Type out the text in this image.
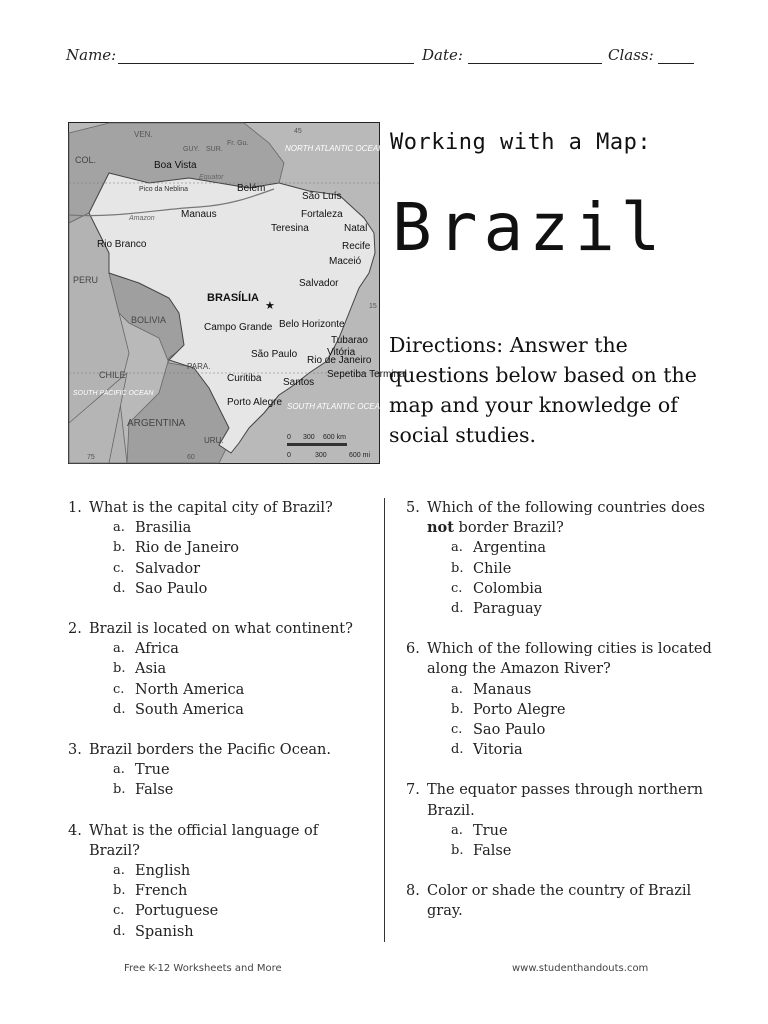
Name:	Date:	Class:
VEN.
GUY. SUR.
Fr. Gu.
COL.
PERU
BOLIVIA
CHILE
PARA.
ARGENTINA
URU.
NORTH ATLANTIC OCEAN
SOUTH PACIFIC OCEAN
SOUTH ATLANTIC OCEAN
Equator
Amazon
Pico da Neblina
Boa Vista
Belém
São Luís
Manaus	Fortaleza
Teresina	Natal
Recife
Maceió
Salvador
Rio Branco
BRASÍLIA
Campo Grande Belo Horizonte
Tubarao
Vitória
São Paulo
Rio de Janeiro
Curitiba Santos
Sepetiba Terminal
Porto Alegre
0 300 600 km
0	300	600 mi
45
15
75	60
★
Working with a Map:
Brazil
Directions: Answer the questions below based on the map and your knowledge of social studies.
1. What is the capital city of Brazil?
a. Brasilia
b. Rio de Janeiro
c. Salvador
d. Sao Paulo
2. Brazil is located on what continent?
a. Africa
b. Asia
c. North America
d. South America
3. Brazil borders the Pacific Ocean.
a. True
b. False
4. What is the official language of Brazil?
a. English
b. French
c. Portuguese
d. Spanish
5. Which of the following countries does not border Brazil?
a. Argentina
b. Chile
c. Colombia
d. Paraguay
6. Which of the following cities is located along the Amazon River?
a. Manaus
b. Porto Alegre
c. Sao Paulo
d. Vitoria
7. The equator passes through northern Brazil.
a. True
b. False
8. Color or shade the country of Brazil gray.
Free K-12 Worksheets and More	www.studenthandouts.com
